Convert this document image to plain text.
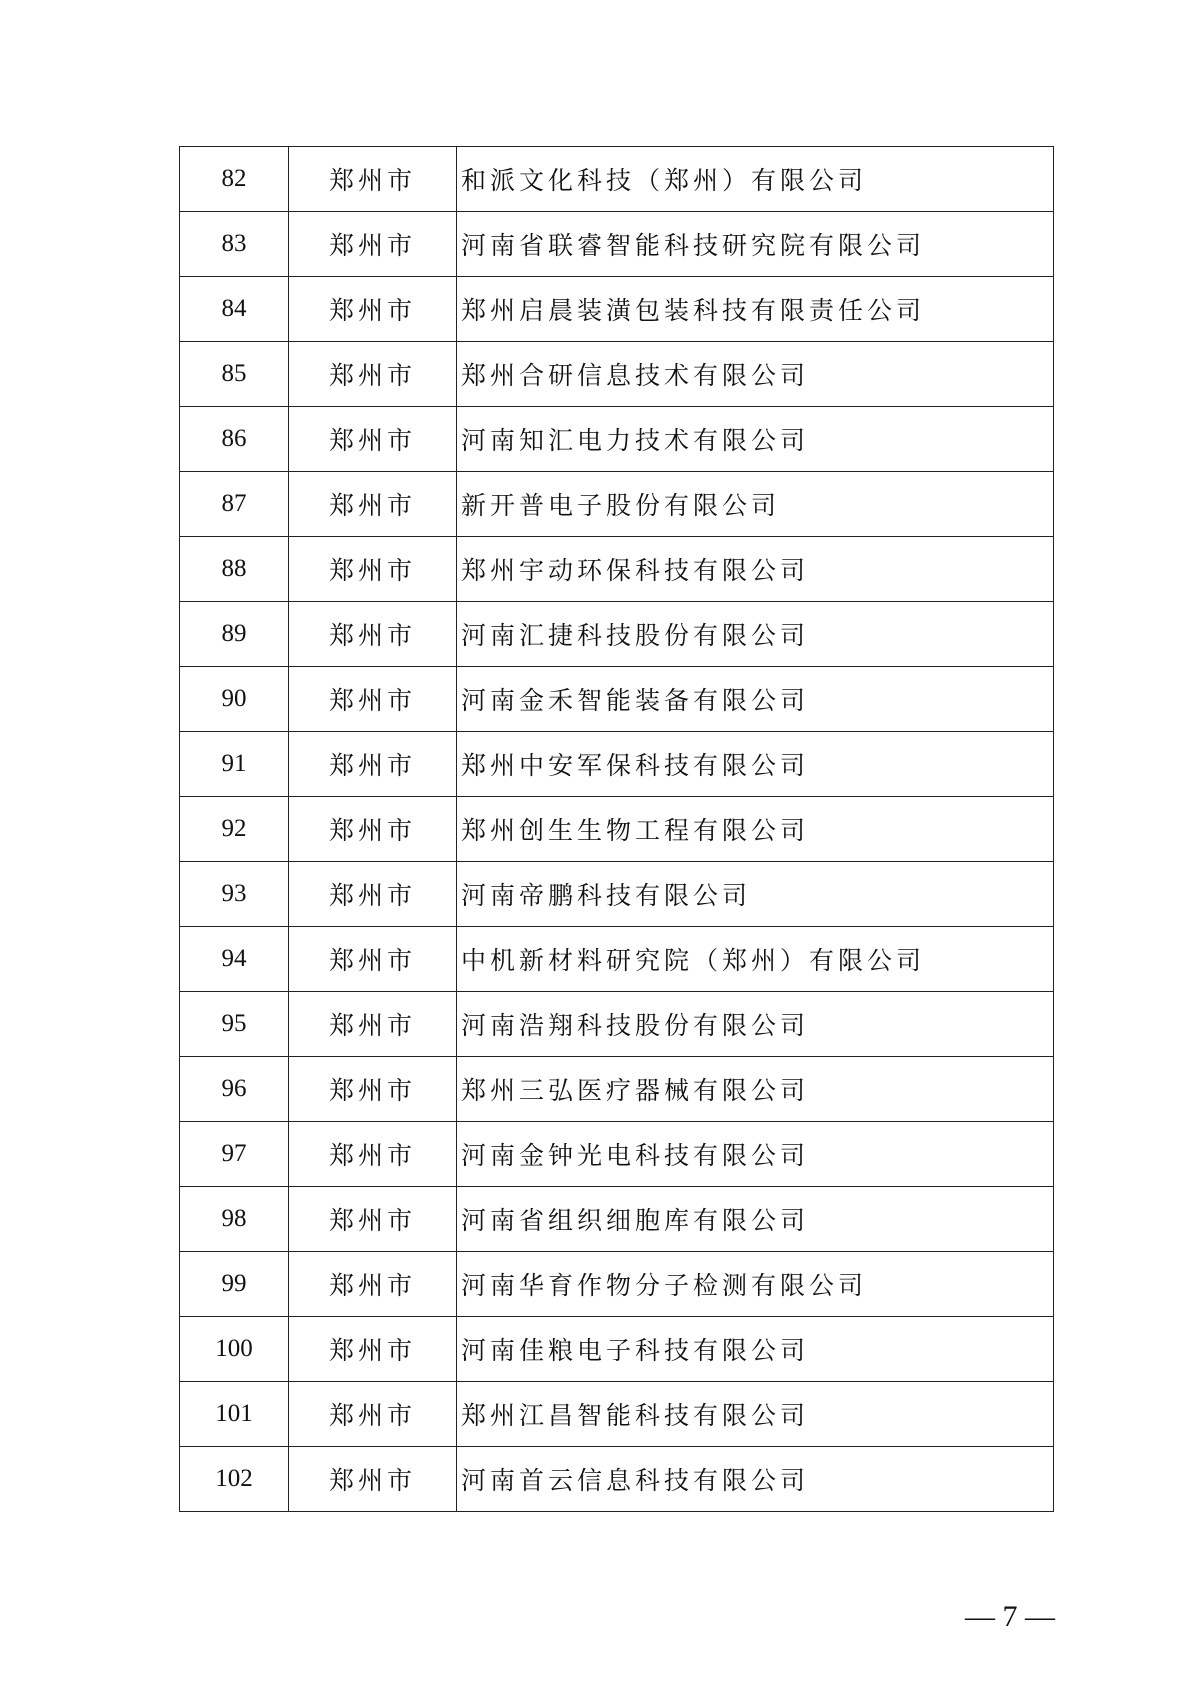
82	郑州市	和派文化科技（郑州）有限公司
83	郑州市	河南省联睿智能科技研究院有限公司
84	郑州市	郑州启晨装潢包装科技有限责任公司
85	郑州市	郑州合研信息技术有限公司
86	郑州市	河南知汇电力技术有限公司
87	郑州市	新开普电子股份有限公司
88	郑州市	郑州宇动环保科技有限公司
89	郑州市	河南汇捷科技股份有限公司
90	郑州市	河南金禾智能装备有限公司
91	郑州市	郑州中安军保科技有限公司
92	郑州市	郑州创生生物工程有限公司
93	郑州市	河南帝鹏科技有限公司
94	郑州市	中机新材料研究院（郑州）有限公司
95	郑州市	河南浩翔科技股份有限公司
96	郑州市	郑州三弘医疗器械有限公司
97	郑州市	河南金钟光电科技有限公司
98	郑州市	河南省组织细胞库有限公司
99	郑州市	河南华育作物分子检测有限公司
100	郑州市	河南佳粮电子科技有限公司
101	郑州市	郑州江昌智能科技有限公司
102	郑州市	河南首云信息科技有限公司
— 7 —
